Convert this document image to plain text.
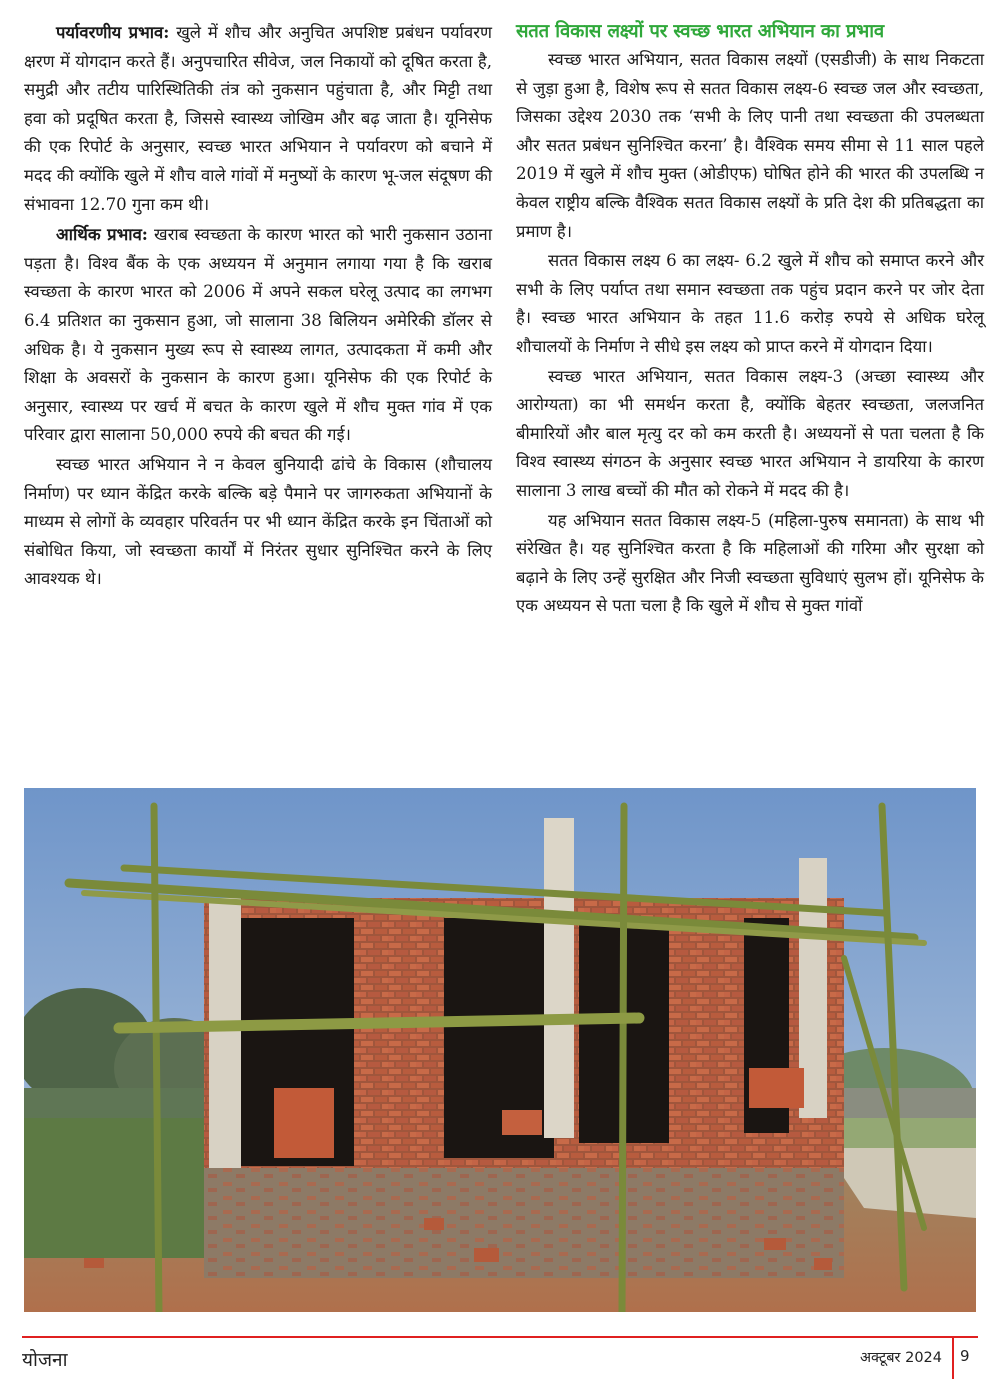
पर्यावरणीय प्रभाव: खुले में शौच और अनुचित अपशिष्ट प्रबंधन पर्यावरण क्षरण में योगदान करते हैं। अनुपचारित सीवेज, जल निकायों को दूषित करता है, समुद्री और तटीय पारिस्थितिकी तंत्र को नुकसान पहुंचाता है, और मिट्टी तथा हवा को प्रदूषित करता है, जिससे स्वास्थ्य जोखिम और बढ़ जाता है। यूनिसेफ की एक रिपोर्ट के अनुसार, स्वच्छ भारत अभियान ने पर्यावरण को बचाने में मदद की क्योंकि खुले में शौच वाले गांवों में मनुष्यों के कारण भू-जल संदूषण की संभावना 12.70 गुना कम थी।

आर्थिक प्रभाव: खराब स्वच्छता के कारण भारत को भारी नुकसान उठाना पड़ता है। विश्व बैंक के एक अध्ययन में अनुमान लगाया गया है कि खराब स्वच्छता के कारण भारत को 2006 में अपने सकल घरेलू उत्पाद का लगभग 6.4 प्रतिशत का नुकसान हुआ, जो सालाना 38 बिलियन अमेरिकी डॉलर से अधिक है। ये नुकसान मुख्य रूप से स्वास्थ्य लागत, उत्पादकता में कमी और शिक्षा के अवसरों के नुकसान के कारण हुआ। यूनिसेफ की एक रिपोर्ट के अनुसार, स्वास्थ्य पर खर्च में बचत के कारण खुले में शौच मुक्त गांव में एक परिवार द्वारा सालाना 50,000 रुपये की बचत की गई।

स्वच्छ भारत अभियान ने न केवल बुनियादी ढांचे के विकास (शौचालय निर्माण) पर ध्यान केंद्रित करके बल्कि बड़े पैमाने पर जागरुकता अभियानों के माध्यम से लोगों के व्यवहार परिवर्तन पर भी ध्यान केंद्रित करके इन चिंताओं को संबोधित किया, जो स्वच्छता कार्यों में निरंतर सुधार सुनिश्चित करने के लिए आवश्यक थे।

सतत विकास लक्ष्यों पर स्वच्छ भारत अभियान का प्रभाव

स्वच्छ भारत अभियान, सतत विकास लक्ष्यों (एसडीजी) के साथ निकटता से जुड़ा हुआ है, विशेष रूप से सतत विकास लक्ष्य-6 स्वच्छ जल और स्वच्छता, जिसका उद्देश्य 2030 तक ‘सभी के लिए पानी तथा स्वच्छता की उपलब्धता और सतत प्रबंधन सुनिश्चित करना’ है। वैश्विक समय सीमा से 11 साल पहले 2019 में खुले में शौच मुक्त (ओडीएफ) घोषित होने की भारत की उपलब्धि न केवल राष्ट्रीय बल्कि वैश्विक सतत विकास लक्ष्यों के प्रति देश की प्रतिबद्धता का प्रमाण है।

सतत विकास लक्ष्य 6 का लक्ष्य- 6.2 खुले में शौच को समाप्त करने और सभी के लिए पर्याप्त तथा समान स्वच्छता तक पहुंच प्रदान करने पर जोर देता है। स्वच्छ भारत अभियान के तहत 11.6 करोड़ रुपये से अधिक घरेलू शौचालयों के निर्माण ने सीधे इस लक्ष्य को प्राप्त करने में योगदान दिया।

स्वच्छ भारत अभियान, सतत विकास लक्ष्य-3 (अच्छा स्वास्थ्य और आरोग्यता) का भी समर्थन करता है, क्योंकि बेहतर स्वच्छता, जलजनित बीमारियों और बाल मृत्यु दर को कम करती है। अध्ययनों से पता चलता है कि विश्व स्वास्थ्य संगठन के अनुसार स्वच्छ भारत अभियान ने डायरिया के कारण सालाना 3 लाख बच्चों की मौत को रोकने में मदद की है।

यह अभियान सतत विकास लक्ष्य-5 (महिला-पुरुष समानता) के साथ भी संरेखित है। यह सुनिश्चित करता है कि महिलाओं की गरिमा और सुरक्षा को बढ़ाने के लिए उन्हें सुरक्षित और निजी स्वच्छता सुविधाएं सुलभ हों। यूनिसेफ के एक अध्ययन से पता चला है कि खुले में शौच से मुक्त गांवों

योजना	अक्टूबर 2024 9
